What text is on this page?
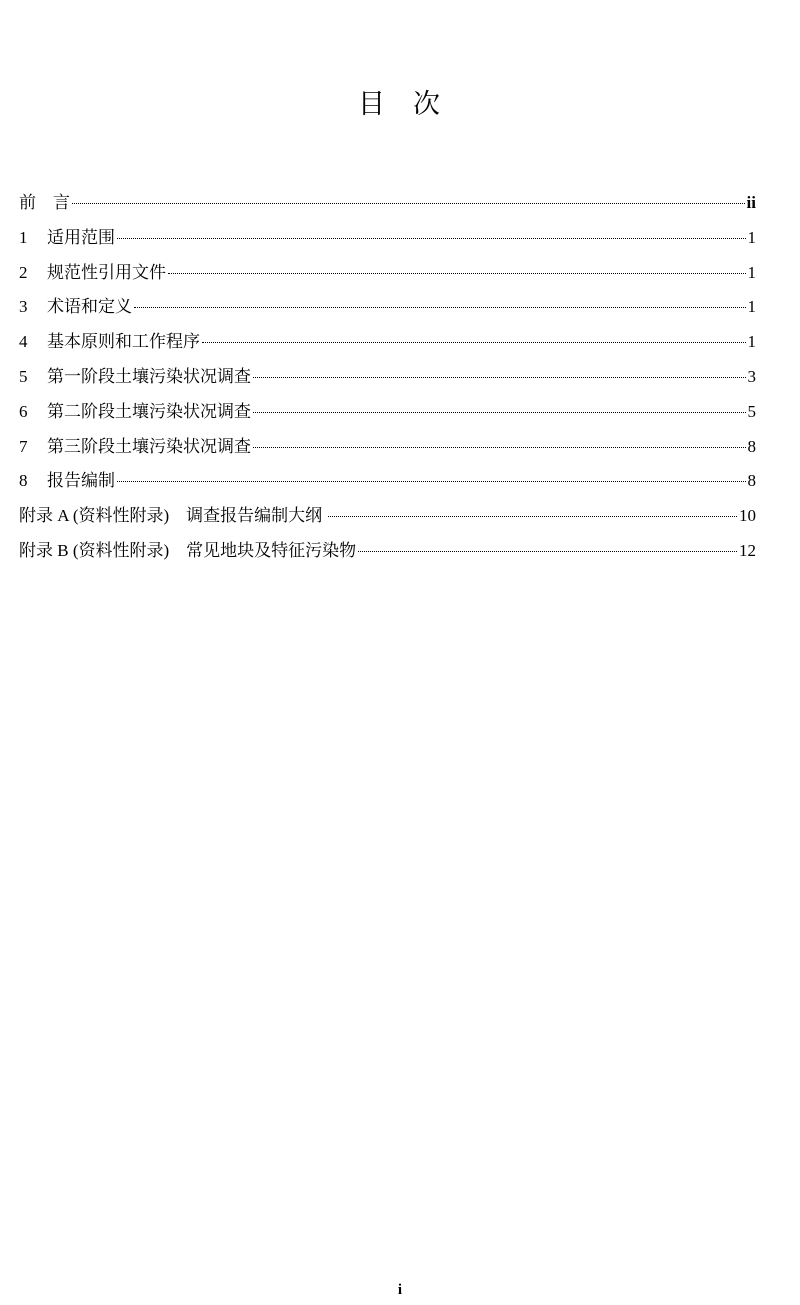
目 次
前    言	ii
1	适用范围	1
2	规范性引用文件	1
3	术语和定义	1
4	基本原则和工作程序	1
5	第一阶段土壤污染状况调查	3
6	第二阶段土壤污染状况调查	5
7	第三阶段土壤污染状况调查	8
8	报告编制	8
附录 A (资料性附录)    调查报告编制大纲	10
附录 B (资料性附录)    常见地块及特征污染物	12
i
